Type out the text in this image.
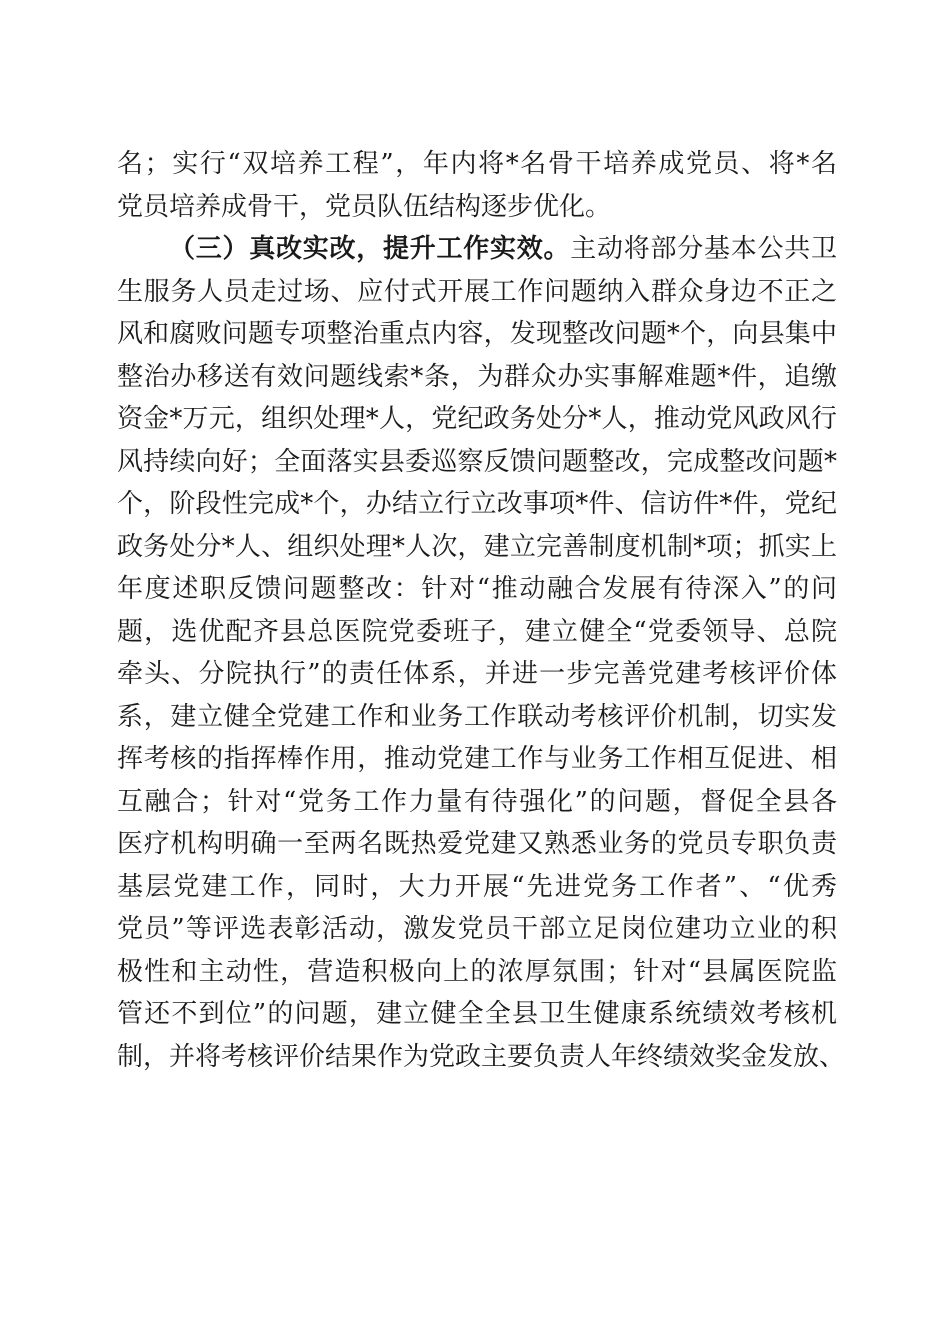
名；实行“双培养工程”，年内将*名骨干培养成党员、将*名
党员培养成骨干，党员队伍结构逐步优化。
（三）真改实改，提升工作实效。主动将部分基本公共卫
生服务人员走过场、应付式开展工作问题纳入群众身边不正之
风和腐败问题专项整治重点内容，发现整改问题*个，向县集中
整治办移送有效问题线索*条，为群众办实事解难题*件，追缴
资金*万元，组织处理*人，党纪政务处分*人，推动党风政风行
风持续向好；全面落实县委巡察反馈问题整改，完成整改问题*
个，阶段性完成*个，办结立行立改事项*件、信访件*件，党纪
政务处分*人、组织处理*人次，建立完善制度机制*项；抓实上
年度述职反馈问题整改：针对“推动融合发展有待深入”的问
题，选优配齐县总医院党委班子，建立健全“党委领导、总院
牵头、分院执行”的责任体系，并进一步完善党建考核评价体
系，建立健全党建工作和业务工作联动考核评价机制，切实发
挥考核的指挥棒作用，推动党建工作与业务工作相互促进、相
互融合；针对“党务工作力量有待强化”的问题，督促全县各
医疗机构明确一至两名既热爱党建又熟悉业务的党员专职负责
基层党建工作，同时，大力开展“先进党务工作者”、“优秀
党员”等评选表彰活动，激发党员干部立足岗位建功立业的积
极性和主动性，营造积极向上的浓厚氛围；针对“县属医院监
管还不到位”的问题，建立健全全县卫生健康系统绩效考核机
制，并将考核评价结果作为党政主要负责人年终绩效奖金发放、
